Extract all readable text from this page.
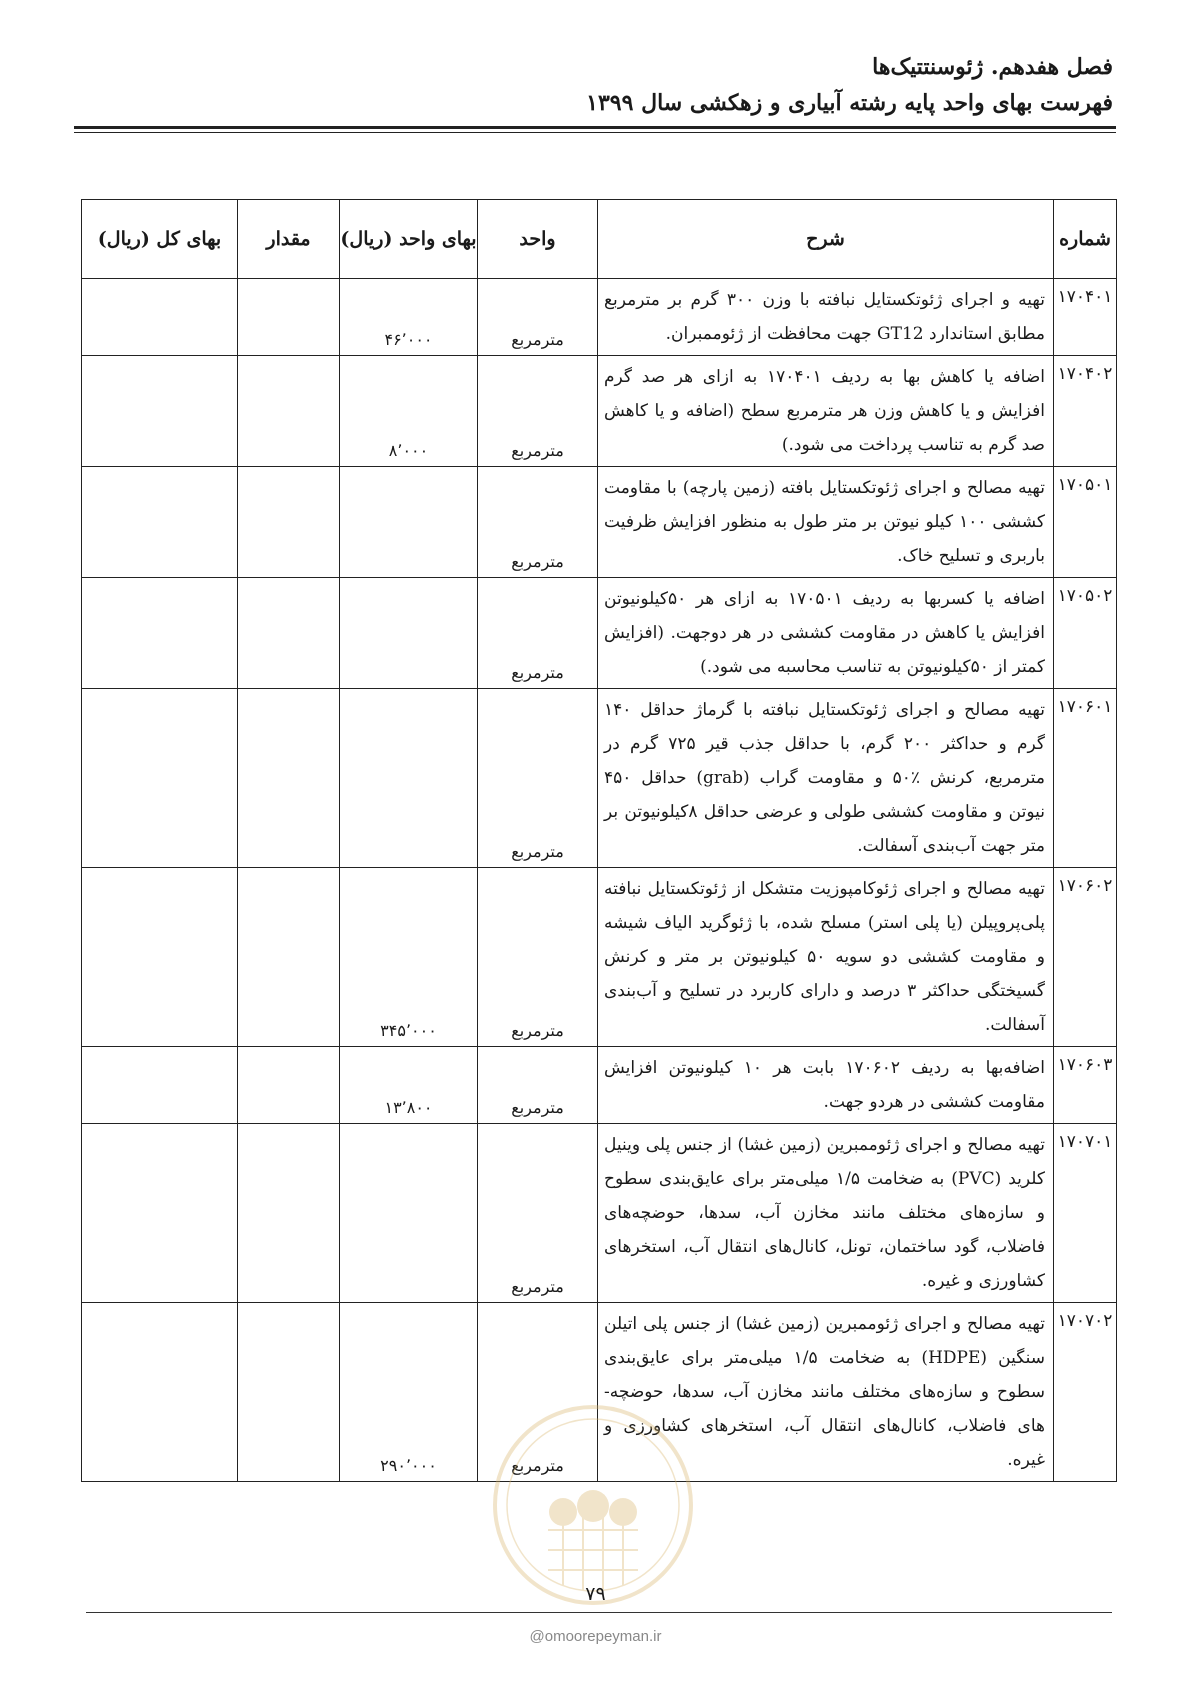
فصل هفدهم. ژئوسنتتیک‌ها
فهرست بهای واحد پایه رشته آبیاری و زهکشی سال ۱۳۹۹
شماره	شرح	واحد	بهای واحد (ریال)	مقدار	بهای کل (ریال)
۱۷۰۴۰۱	تهیه و اجرای ژئوتکستایل نبافته با وزن ۳۰۰ گرم بر مترمربع مطابق استاندارد GT12 جهت محافظت از ژئوممبران.	مترمربع	۴۶٬۰۰۰		
۱۷۰۴۰۲	اضافه یا کاهش بها به ردیف ۱۷۰۴۰۱ به ازای هر صد گرم افزایش و یا کاهش وزن هر مترمربع سطح (اضافه و یا کاهش صد گرم به تناسب پرداخت می شود.)	مترمربع	۸٬۰۰۰		
۱۷۰۵۰۱	تهیه مصالح و اجرای ژئوتکستایل بافته (زمین پارچه) با مقاومت کششی ۱۰۰ کیلو نیوتن بر متر طول به منظور افزایش ظرفیت باربری و تسلیح خاک.	مترمربع			
۱۷۰۵۰۲	اضافه یا کسربها به ردیف ۱۷۰۵۰۱ به ازای هر ۵۰کیلونیوتن افزایش یا کاهش در مقاومت کششی در هر دوجهت. (افزایش کمتر از ۵۰کیلونیوتن به تناسب محاسبه می شود.)	مترمربع			
۱۷۰۶۰۱	تهیه مصالح و اجرای ژئوتکستایل نبافته با گرماژ حداقل ۱۴۰ گرم و حداکثر ۲۰۰ گرم، با حداقل جذب قیر ۷۲۵ گرم در مترمربع، کرنش ٪۵۰ و مقاومت گراب (grab) حداقل ۴۵۰ نیوتن و مقاومت کششی طولی و عرضی حداقل ۸کیلونیوتن بر متر جهت آب‌بندی آسفالت.	مترمربع			
۱۷۰۶۰۲	تهیه مصالح و اجرای ژئوکامپوزیت متشکل از ژئوتکستایل نبافته پلی‌پروپیلن (یا پلی استر) مسلح شده، با ژئوگرید الیاف شیشه و مقاومت کششی دو سویه ۵۰ کیلونیوتن بر متر و کرنش گسیختگی حداکثر ۳ درصد و دارای کاربرد در تسلیح و آب‌بندی آسفالت.	مترمربع	۳۴۵٬۰۰۰		
۱۷۰۶۰۳	اضافه‌بها به ردیف ۱۷۰۶۰۲ بابت هر ۱۰ کیلونیوتن افزایش مقاومت کششی در هردو جهت.	مترمربع	۱۳٬۸۰۰		
۱۷۰۷۰۱	تهیه مصالح و اجرای ژئوممبرین (زمین غشا) از جنس پلی وینیل کلرید (PVC) به ضخامت ۱/۵ میلی‌متر برای عایق‌بندی سطوح و سازه‌های مختلف مانند مخازن آب، سدها، حوضچه‌های فاضلاب، گود ساختمان، تونل، کانال‌های انتقال آب، استخرهای کشاورزی و غیره.	مترمربع			
۱۷۰۷۰۲	تهیه مصالح و اجرای ژئوممبرین (زمین غشا) از جنس پلی اتیلن سنگین (HDPE) به ضخامت ۱/۵ میلی‌متر برای عایق‌بندی سطوح و سازه‌های مختلف مانند مخازن آب، سدها، حوضچه-های فاضلاب، کانال‌های انتقال آب، استخرهای کشاورزی و غیره.	مترمربع	۲۹۰٬۰۰۰		
۷۹
@omoorepeyman.ir
